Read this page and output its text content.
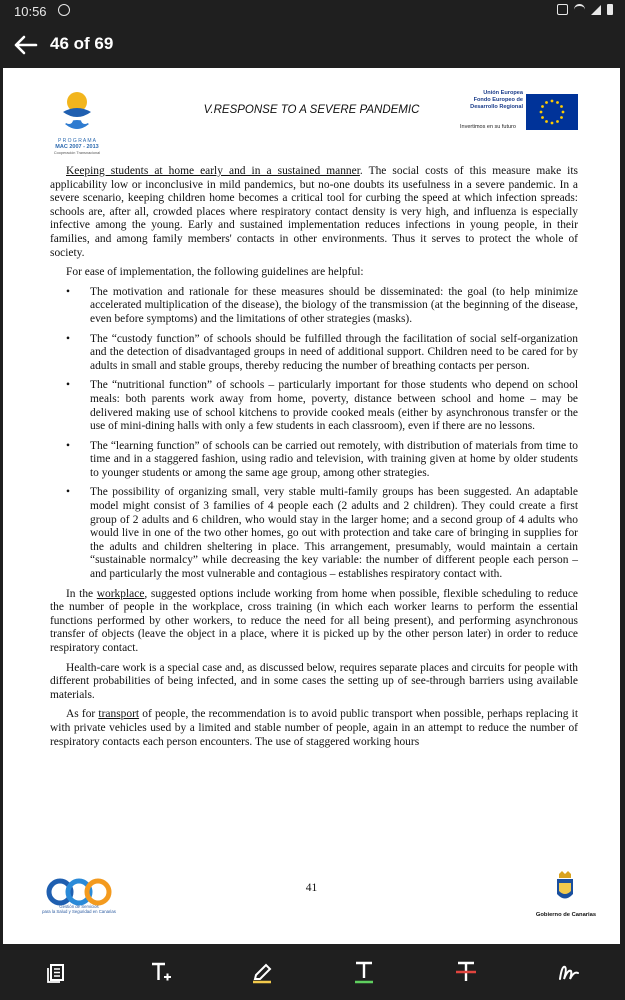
10:56
46 of 69
P R O G R A M A
MAC 2007 - 2013
Cooperación Transnacional
V.RESPONSE TO A SEVERE PANDEMIC
Unión Europea
Fondo Europeo de
Desarrollo Regional
Invertimos en su futuro

Keeping students at home early and in a sustained manner. The social costs of this measure make its applicability low or inconclusive in mild pandemics, but no-one doubts its usefulness in a severe pandemic. In a severe scenario, keeping children home becomes a critical tool for curbing the speed at which infection spreads: schools are, after all, crowded places where respiratory contact density is very high, and influenza is especially infective among the young. Early and sustained implementation reduces infections in young people, in their families, and among family members' contacts in other environments. Thus it serves to protect the whole of society.

For ease of implementation, the following guidelines are helpful:

• The motivation and rationale for these measures should be disseminated: the goal (to help minimize accelerated multiplication of the disease), the biology of the transmission (at the beginning of the disease, even before symptoms) and the limitations of other strategies (masks).
• The “custody function” of schools should be fulfilled through the facilitation of social self-organization and the detection of disadvantaged groups in need of additional support. Children need to be cared for by adults in small and stable groups, thereby reducing the number of breathing contacts per person.
• The “nutritional function” of schools – particularly important for those students who depend on school meals: both parents work away from home, poverty, distance between school and home – may be delivered making use of school kitchens to provide cooked meals (either by asynchronous transfer or the use of mini-dining halls with only a few students in each classroom), even if there are no lessons.
• The “learning function” of schools can be carried out remotely, with distribution of materials from time to time and in a staggered fashion, using radio and television, with training given at home by older students to younger students or among the same age group, among other strategies.
• The possibility of organizing small, very stable multi-family groups has been suggested. An adaptable model might consist of 3 families of 4 people each (2 adults and 2 children). They could create a first group of 2 adults and 6 children, who would stay in the larger home; and a second group of 4 adults who would live in one of the two other homes, go out with protection and take care of bringing in supplies for the adults and children sheltering in place. This arrangement, presumably, would maintain a certain “sustainable normalcy” while decreasing the key variable: the number of different people each person – and particularly the most vulnerable and contagious – establishes respiratory contact with.

In the workplace, suggested options include working from home when possible, flexible scheduling to reduce the number of people in the workplace, cross training (in which each worker learns to perform the essential functions performed by other workers, to reduce the need for all being present), and performing asynchronous transfer of objects (leave the object in a place, where it is picked up by the other person later) in order to reduce respiratory contact.

Health-care work is a special case and, as discussed below, requires separate places and circuits for people with different probabilities of being infected, and in some cases the setting up of see-through barriers using available materials.

As for transport of people, the recommendation is to avoid public transport when possible, perhaps replacing it with private vehicles used by a limited and stable number of people, again in an attempt to reduce the number of respiratory contacts each person encounters. The use of staggered working hours

Gestión de Servicios
para la Salud y Seguridad en Canarias
41
Gobierno de Canarias
